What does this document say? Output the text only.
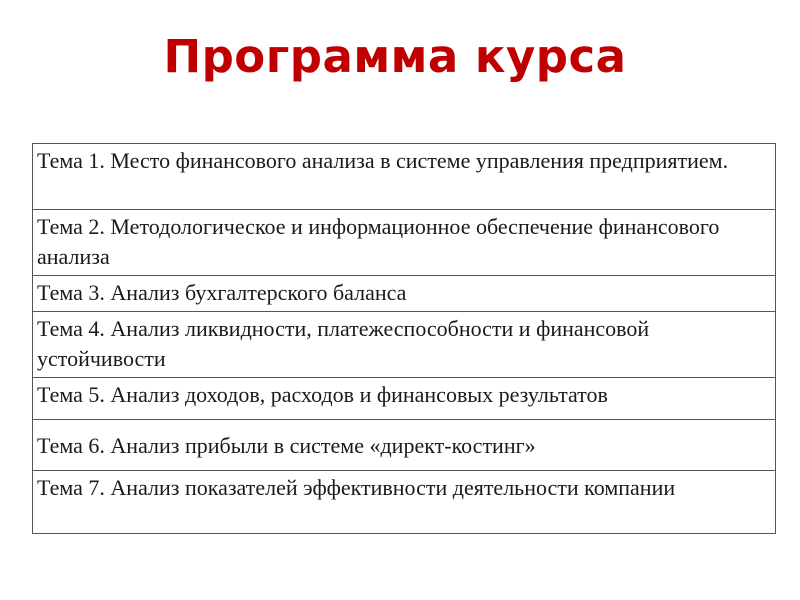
Программа курса
Тема 1. Место финансового анализа в системе управления предприятием.
Тема 2. Методологическое и информационное обеспечение финансового анализа
Тема 3. Анализ бухгалтерского баланса
Тема 4. Анализ ликвидности, платежеспособности и финансовой устойчивости
Тема 5. Анализ доходов, расходов и финансовых результатов
Тема 6. Анализ прибыли в системе «директ-костинг»
Тема 7. Анализ показателей эффективности деятельности компании
